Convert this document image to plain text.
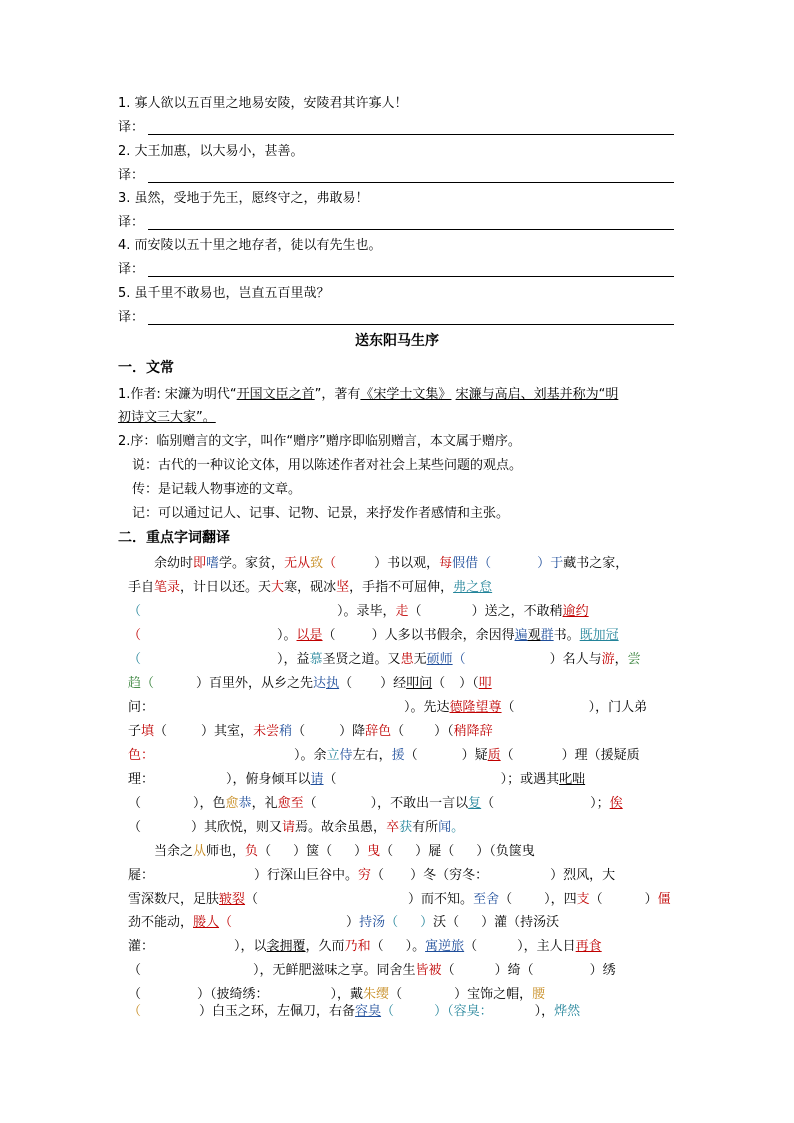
1. 寡人欲以五百里之地易安陵，安陵君其许寡人！
译：
2. 大王加惠，以大易小，甚善。
译：
3. 虽然，受地于先王，愿终守之，弗敢易！
译：
4. 而安陵以五十里之地存者，徒以有先生也。
译：
5. 虽千里不敢易也，岂直五百里哉？
译：
送东阳马生序
一．文常
1.作者: 宋濂为明代“开国文臣之首”，著有《宋学士文集》 宋濂与高启、刘基并称为“明
初诗文三大家”。
2.序：临别赠言的文字，叫作“赠序”赠序即临别赠言，本文属于赠序。
说：古代的一种议论文体，用以陈述作者对社会上某些问题的观点。
传：是记载人物事迹的文章。
记：可以通过记人、记事、记物、记景，来抒发作者感情和主张。
二．重点字词翻译
余幼时即嗜学。家贫，无从致（	）书以观，每假借（	）于藏书之家，
手自笔录，计日以还。天大寒，砚冰坚，手指不可屈伸，弗之怠
（	）。录毕，走（	）送之，不敢稍逾约
（	）。以是（	）人多以书假余，余因得遍观群书。既加冠
（	），益慕圣贤之道。又患无硕师（	）名人与游，尝
趋（	）百里外，从乡之先达执（ ）经叩问（ ）（叩
问：	）。先达德隆望尊（	），门人弟
子填（	）其室，未尝稍（	）降辞色（ ）（稍降辞
色：	）。余立侍左右，援（	）疑质（	）理（援疑质
理：	），俯身倾耳以请（	）；或遇其叱咄
（	），色愈恭，礼愈至（	），不敢出一言以复（	）；俟
（	）其欣悦，则又请焉。故余虽愚，卒获有所闻。
当余之从师也，负（ ）箧（ ）曳（ ）屣（ ）（负箧曳
屣：	）行深山巨谷中。穷（ ）冬（穷冬：	）烈风，大
雪深数尺，足肤皲裂（	）而不知。至舍（ ），四支（	）僵
劲不能动，媵人（	）持汤（ ）沃（ ）灌（持汤沃
灌：	），以衾拥覆，久而乃和（ ）。寓逆旅（	），主人日再食
（	），无鲜肥滋味之享。同舍生皆被（	）绮（	）绣
（	）（披绮绣：	），戴朱缨（	）宝饰之帽，腰
（	）白玉之环，左佩刀，右备容臭（	）（容臭：	），烨然
